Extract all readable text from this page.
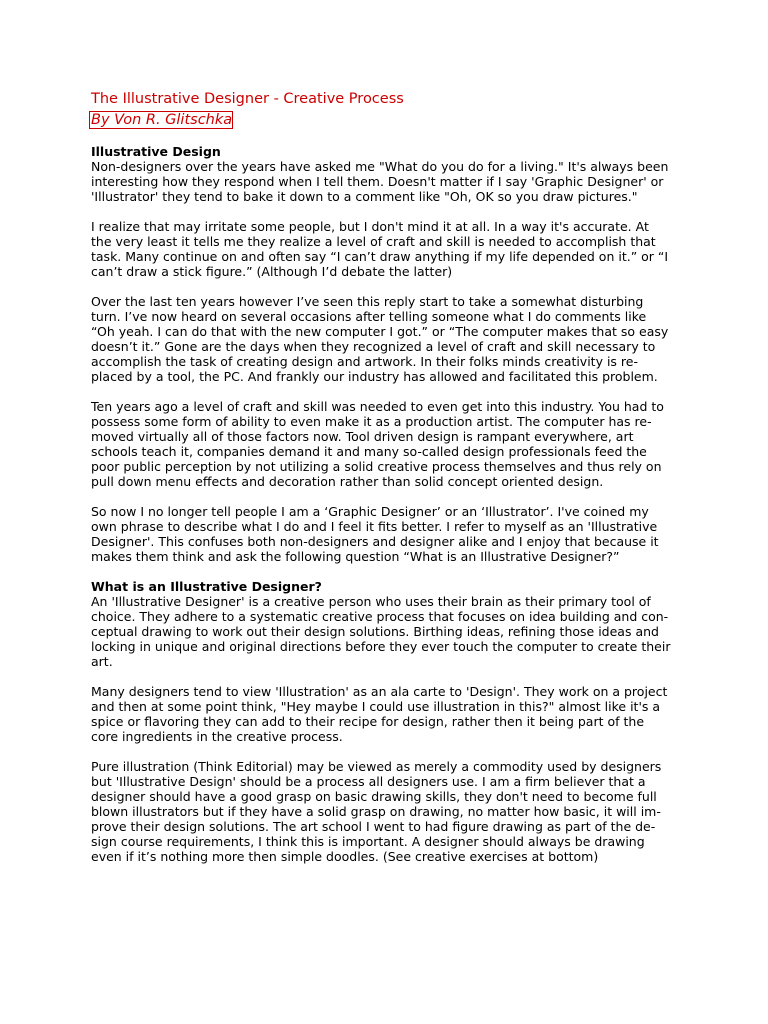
The Illustrative Designer - Creative Process
By Von R. Glitschka
Illustrative Design
Non-designers over the years have asked me "What do you do for a living." It's always been
interesting how they respond when I tell them. Doesn't matter if I say 'Graphic Designer' or
'Illustrator' they tend to bake it down to a comment like "Oh, OK so you draw pictures."
I realize that may irritate some people, but I don't mind it at all. In a way it's accurate. At
the very least it tells me they realize a level of craft and skill is needed to accomplish that
task. Many continue on and often say “I can’t draw anything if my life depended on it.” or “I
can’t draw a stick figure.” (Although I’d debate the latter)
Over the last ten years however I’ve seen this reply start to take a somewhat disturbing
turn. I’ve now heard on several occasions after telling someone what I do comments like
“Oh yeah. I can do that with the new computer I got.” or “The computer makes that so easy
doesn’t it.” Gone are the days when they recognized a level of craft and skill necessary to
accomplish the task of creating design and artwork. In their folks minds creativity is re-
placed by a tool, the PC. And frankly our industry has allowed and facilitated this problem.
Ten years ago a level of craft and skill was needed to even get into this industry. You had to
possess some form of ability to even make it as a production artist. The computer has re-
moved virtually all of those factors now. Tool driven design is rampant everywhere, art
schools teach it, companies demand it and many so-called design professionals feed the
poor public perception by not utilizing a solid creative process themselves and thus rely on
pull down menu effects and decoration rather than solid concept oriented design.
So now I no longer tell people I am a ‘Graphic Designer’ or an ‘Illustrator’. I've coined my
own phrase to describe what I do and I feel it fits better. I refer to myself as an 'Illustrative
Designer'. This confuses both non-designers and designer alike and I enjoy that because it
makes them think and ask the following question “What is an Illustrative Designer?”
What is an Illustrative Designer?
An 'Illustrative Designer' is a creative person who uses their brain as their primary tool of
choice. They adhere to a systematic creative process that focuses on idea building and con-
ceptual drawing to work out their design solutions. Birthing ideas, refining those ideas and
locking in unique and original directions before they ever touch the computer to create their
art.
Many designers tend to view 'Illustration' as an ala carte to 'Design'. They work on a project
and then at some point think, "Hey maybe I could use illustration in this?" almost like it's a
spice or flavoring they can add to their recipe for design, rather then it being part of the
core ingredients in the creative process.
Pure illustration (Think Editorial) may be viewed as merely a commodity used by designers
but 'Illustrative Design' should be a process all designers use. I am a firm believer that a
designer should have a good grasp on basic drawing skills, they don't need to become full
blown illustrators but if they have a solid grasp on drawing, no matter how basic, it will im-
prove their design solutions. The art school I went to had figure drawing as part of the de-
sign course requirements, I think this is important. A designer should always be drawing
even if it’s nothing more then simple doodles. (See creative exercises at bottom)
